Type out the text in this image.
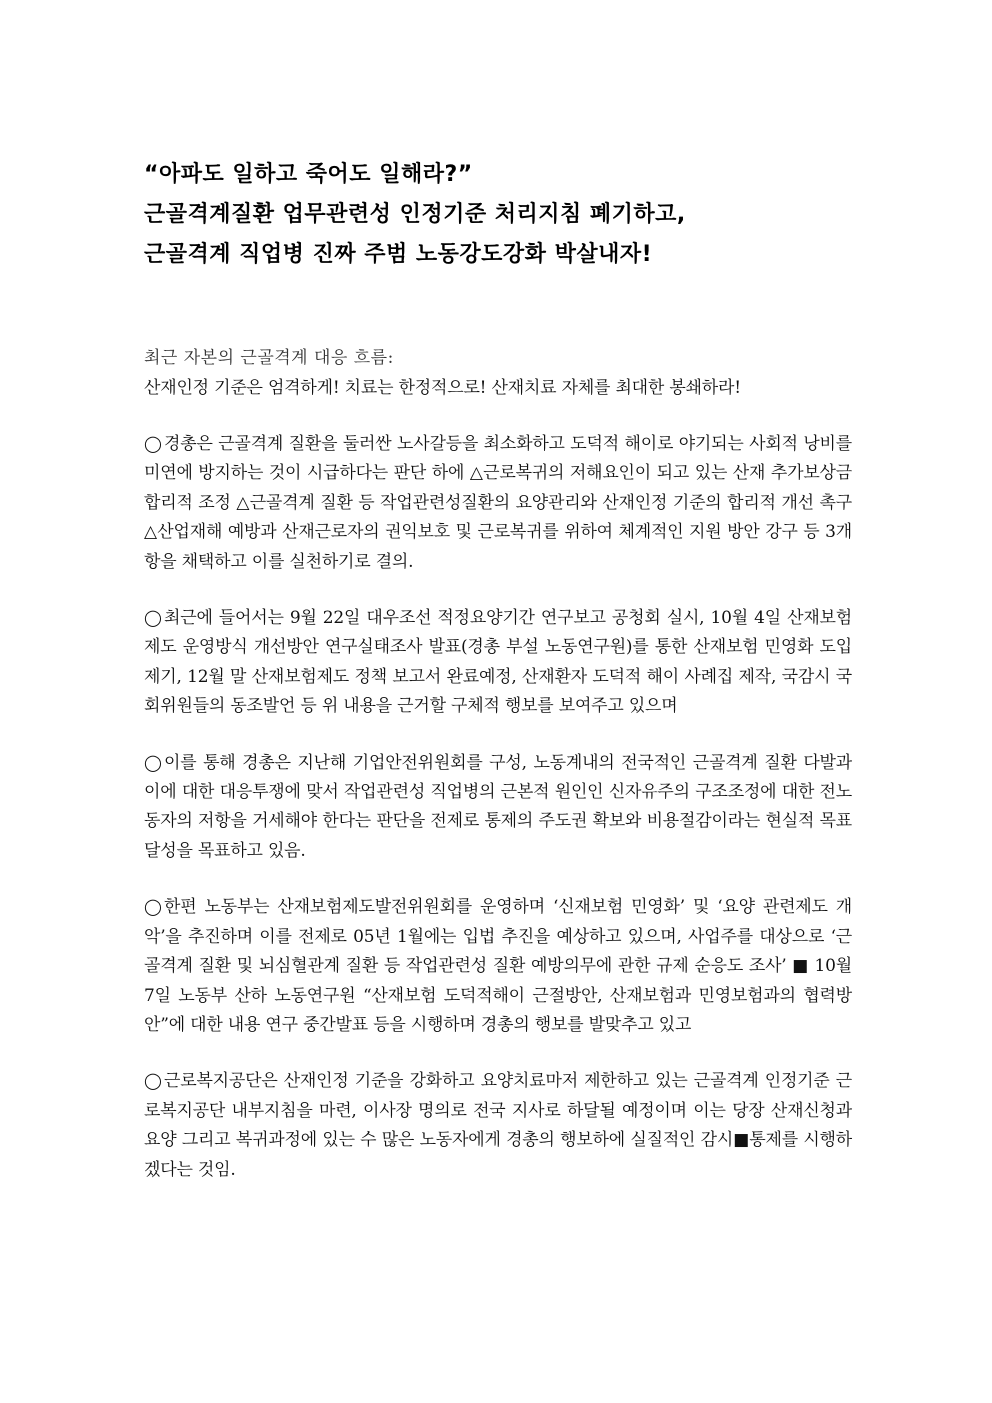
“아파도 일하고 죽어도 일해라?”
근골격계질환 업무관련성 인정기준 처리지침 폐기하고,
근골격계 직업병 진짜 주범 노동강도강화 박살내자!
최근 자본의 근골격계 대응 흐름:
산재인정 기준은 엄격하게! 치료는 한정적으로! 산재치료 자체를 최대한 봉쇄하라!
◯ 경총은 근골격계 질환을 둘러싼 노사갈등을 최소화하고 도덕적 해이로 야기되는 사회적 낭비를 미연에 방지하는 것이 시급하다는 판단 하에 △근로복귀의 저해요인이 되고 있는 산재 추가보상금 합리적 조정 △근골격계 질환 등 작업관련성질환의 요양관리와 산재인정 기준의 합리적 개선 촉구 △산업재해 예방과 산재근로자의 권익보호 및 근로복귀를 위하여 체계적인 지원 방안 강구 등 3개항을 채택하고 이를 실천하기로 결의.
◯ 최근에 들어서는 9월 22일 대우조선 적정요양기간 연구보고 공청회 실시, 10월 4일 산재보험제도 운영방식 개선방안 연구실태조사 발표(경총 부설 노동연구원)를 통한 산재보험 민영화 도입제기, 12월 말 산재보험제도 정책 보고서 완료예정, 산재환자 도덕적 해이 사례집 제작, 국감시 국회위원들의 동조발언 등 위 내용을 근거할 구체적 행보를 보여주고 있으며
◯ 이를 통해 경총은 지난해 기업안전위원회를 구성, 노동계내의 전국적인 근골격계 질환 다발과 이에 대한 대응투쟁에 맞서 작업관련성 직업병의 근본적 원인인 신자유주의 구조조정에 대한 전노동자의 저항을 거세해야 한다는 판단을 전제로 통제의 주도권 확보와 비용절감이라는 현실적 목표달성을 목표하고 있음.
◯ 한편 노동부는 산재보험제도발전위원회를 운영하며 ‘신재보험 민영화’ 및 ‘요양 관련제도 개악’을 추진하며 이를 전제로 05년 1월에는 입법 추진을 예상하고 있으며, 사업주를 대상으로 ‘근골격계 질환 및 뇌심혈관계 질환 등 작업관련성 질환 예방의무에 관한 규제 순응도 조사’ ■ 10월 7일 노동부 산하 노동연구원 “산재보험 도덕적해이 근절방안, 산재보험과 민영보험과의 협력방안”에 대한 내용 연구 중간발표 등을 시행하며 경총의 행보를 발맞추고 있고
◯ 근로복지공단은 산재인정 기준을 강화하고 요양치료마저 제한하고 있는 근골격계 인정기준 근로복지공단 내부지침을 마련, 이사장 명의로 전국 지사로 하달될 예정이며 이는 당장 산재신청과 요양 그리고 복귀과정에 있는 수 많은 노동자에게 경총의 행보하에 실질적인 감시■통제를 시행하겠다는 것임.
